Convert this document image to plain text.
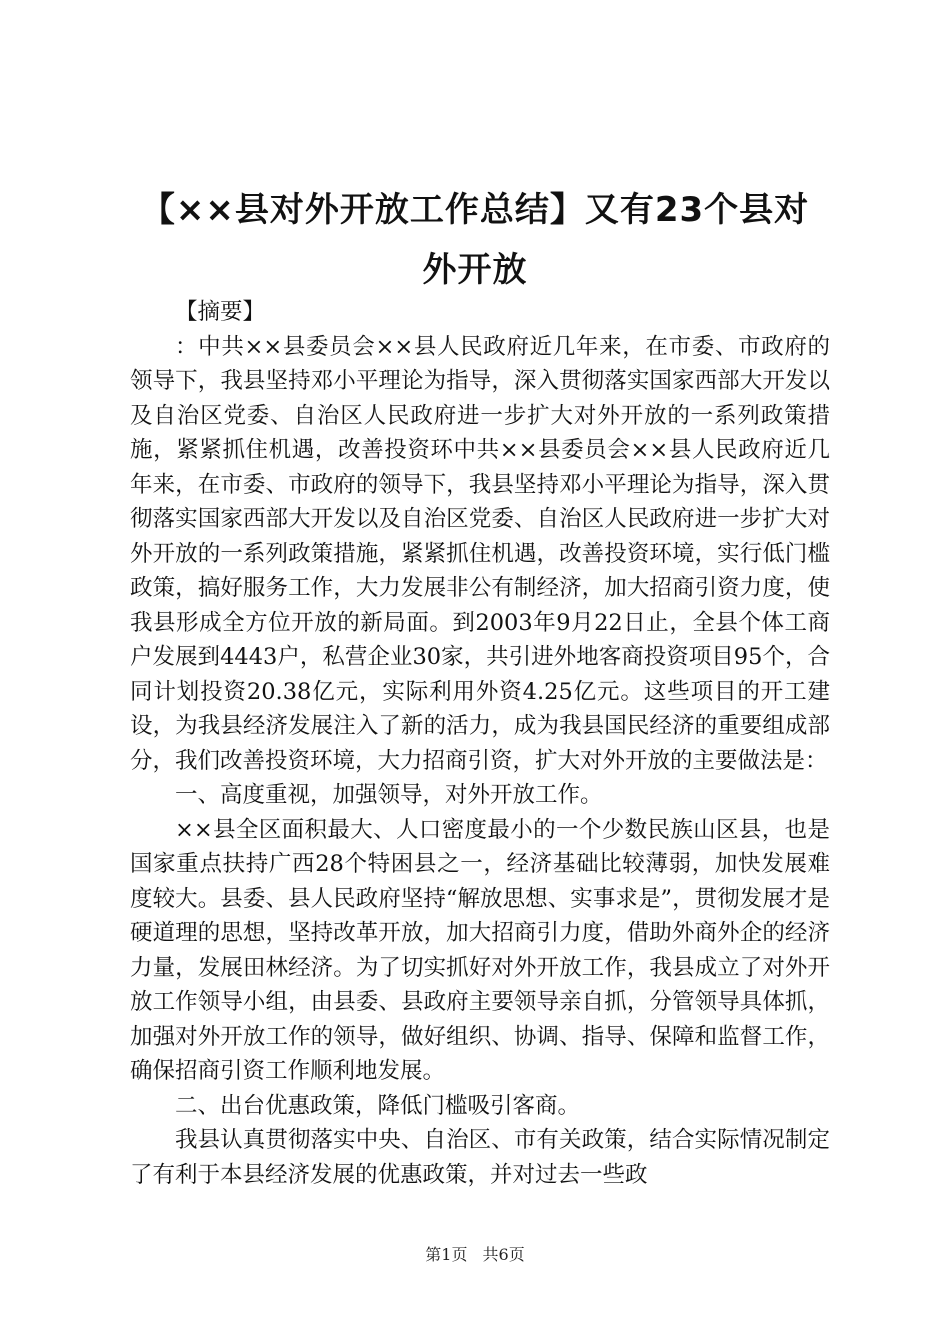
【××县对外开放工作总结】又有23个县对
外开放

【摘要】

：中共××县委员会××县人民政府近几年来，在市委、市政府的领导下，我县坚持邓小平理论为指导，深入贯彻落实国家西部大开发以及自治区党委、自治区人民政府进一步扩大对外开放的一系列政策措施，紧紧抓住机遇，改善投资环中共××县委员会××县人民政府近几年来，在市委、市政府的领导下，我县坚持邓小平理论为指导，深入贯彻落实国家西部大开发以及自治区党委、自治区人民政府进一步扩大对外开放的一系列政策措施，紧紧抓住机遇，改善投资环境，实行低门槛政策，搞好服务工作，大力发展非公有制经济，加大招商引资力度，使我县形成全方位开放的新局面。到2003年9月22日止，全县个体工商户发展到4443户，私营企业30家，共引进外地客商投资项目95个，合同计划投资20.38亿元，实际利用外资4.25亿元。这些项目的开工建设，为我县经济发展注入了新的活力，成为我县国民经济的重要组成部分，我们改善投资环境，大力招商引资，扩大对外开放的主要做法是：

一、高度重视，加强领导，对外开放工作。

××县全区面积最大、人口密度最小的一个少数民族山区县，也是国家重点扶持广西28个特困县之一，经济基础比较薄弱，加快发展难度较大。县委、县人民政府坚持“解放思想、实事求是”，贯彻发展才是硬道理的思想，坚持改革开放，加大招商引力度，借助外商外企的经济力量，发展田林经济。为了切实抓好对外开放工作，我县成立了对外开放工作领导小组，由县委、县政府主要领导亲自抓，分管领导具体抓，加强对外开放工作的领导，做好组织、协调、指导、保障和监督工作，确保招商引资工作顺利地发展。

二、出台优惠政策，降低门槛吸引客商。

我县认真贯彻落实中央、自治区、市有关政策，结合实际情况制定了有利于本县经济发展的优惠政策，并对过去一些政

第1页 共6页
